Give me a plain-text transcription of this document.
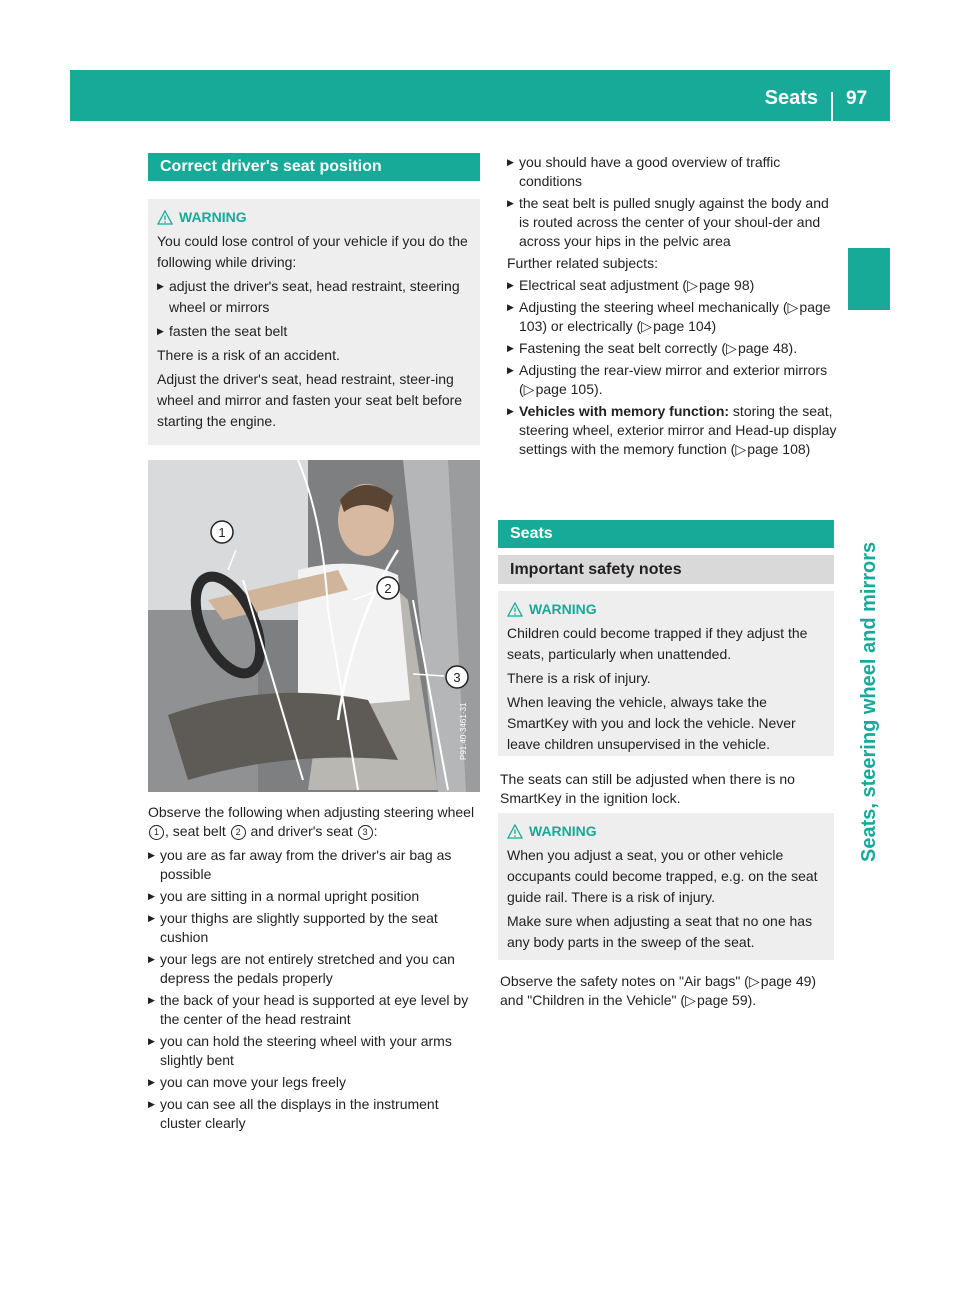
Seats 97
Seats, steering wheel and mirrors
Correct driver's seat position
WARNING

You could lose control of your vehicle if you do the following while driving:

▶ adjust the driver's seat, head restraint, steering wheel or mirrors
▶ fasten the seat belt

There is a risk of an accident.

Adjust the driver's seat, head restraint, steer-ing wheel and mirror and fasten your seat belt before starting the engine.

1
2
3
P91.40-3461-31

Observe the following when adjusting steering wheel 1 , seat belt 2 and driver's seat 3 :

▶ you are as far away from the driver's air bag as possible
▶ you are sitting in a normal upright position
▶ your thighs are slightly supported by the seat cushion
▶ your legs are not entirely stretched and you can depress the pedals properly
▶ the back of your head is supported at eye level by the center of the head restraint
▶ you can hold the steering wheel with your arms slightly bent
▶ you can move your legs freely
▶ you can see all the displays in the instrument cluster clearly
▶ you should have a good overview of traffic conditions
▶ the seat belt is pulled snugly against the body and is routed across the center of your shoul-der and across your hips in the pelvic area

Further related subjects:

▶ Electrical seat adjustment (▷ page 98)
▶ Adjusting the steering wheel mechanically (▷ page 103) or electrically (▷ page 104)
▶ Fastening the seat belt correctly (▷ page 48).
▶ Adjusting the rear-view mirror and exterior mirrors (▷ page 105).
▶ Vehicles with memory function: storing the seat, steering wheel, exterior mirror and Head-up display settings with the memory function (▷ page 108)
Seats
Important safety notes
WARNING

Children could become trapped if they adjust the seats, particularly when unattended.

There is a risk of injury.

When leaving the vehicle, always take the SmartKey with you and lock the vehicle. Never leave children unsupervised in the vehicle.

The seats can still be adjusted when there is no SmartKey in the ignition lock.

WARNING

When you adjust a seat, you or other vehicle occupants could become trapped, e.g. on the seat guide rail. There is a risk of injury.

Make sure when adjusting a seat that no one has any body parts in the sweep of the seat.

Observe the safety notes on "Air bags" (▷ page 49) and "Children in the Vehicle" (▷ page 59).
